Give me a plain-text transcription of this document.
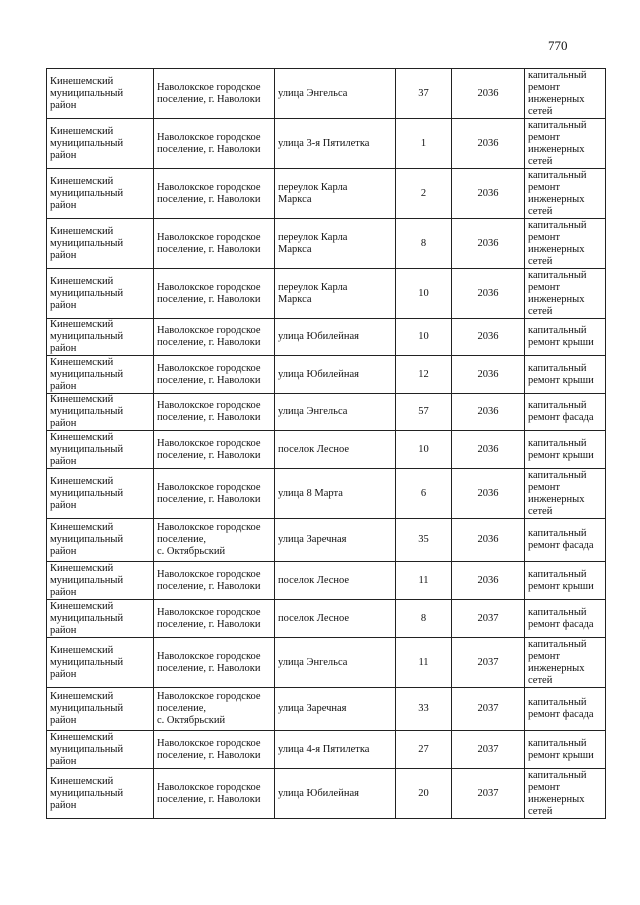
770
Кинешемский
муниципальный
район	Наволокское городское
поселение, г. Наволоки	улица Энгельса	37	2036	капитальный
ремонт
инженерных
сетей

Кинешемский
муниципальный
район	Наволокское городское
поселение, г. Наволоки	улица 3-я Пятилетка	1	2036	капитальный
ремонт
инженерных
сетей

Кинешемский
муниципальный
район	Наволокское городское
поселение, г. Наволоки	переулок Карла
Маркса	2	2036	капитальный
ремонт
инженерных
сетей

Кинешемский
муниципальный
район	Наволокское городское
поселение, г. Наволоки	переулок Карла
Маркса	8	2036	капитальный
ремонт
инженерных
сетей

Кинешемский
муниципальный
район	Наволокское городское
поселение, г. Наволоки	переулок Карла
Маркса	10	2036	капитальный
ремонт
инженерных
сетей

Кинешемский
муниципальный
район	Наволокское городское
поселение, г. Наволоки	улица Юбилейная	10	2036	капитальный
ремонт крыши

Кинешемский
муниципальный
район	Наволокское городское
поселение, г. Наволоки	улица Юбилейная	12	2036	капитальный
ремонт крыши

Кинешемский
муниципальный
район	Наволокское городское
поселение, г. Наволоки	улица Энгельса	57	2036	капитальный
ремонт фасада

Кинешемский
муниципальный
район	Наволокское городское
поселение, г. Наволоки	поселок Лесное	10	2036	капитальный
ремонт крыши

Кинешемский
муниципальный
район	Наволокское городское
поселение, г. Наволоки	улица 8 Марта	6	2036	капитальный
ремонт
инженерных
сетей

Кинешемский
муниципальный
район	Наволокское городское
поселение,
с. Октябрьский	улица Заречная	35	2036	капитальный
ремонт фасада

Кинешемский
муниципальный
район	Наволокское городское
поселение, г. Наволоки	поселок Лесное	11	2036	капитальный
ремонт крыши

Кинешемский
муниципальный
район	Наволокское городское
поселение, г. Наволоки	поселок Лесное	8	2037	капитальный
ремонт фасада

Кинешемский
муниципальный
район	Наволокское городское
поселение, г. Наволоки	улица Энгельса	11	2037	капитальный
ремонт
инженерных
сетей

Кинешемский
муниципальный
район	Наволокское городское
поселение,
с. Октябрьский	улица Заречная	33	2037	капитальный
ремонт фасада

Кинешемский
муниципальный
район	Наволокское городское
поселение, г. Наволоки	улица 4-я Пятилетка	27	2037	капитальный
ремонт крыши

Кинешемский
муниципальный
район	Наволокское городское
поселение, г. Наволоки	улица Юбилейная	20	2037	капитальный
ремонт
инженерных
сетей
